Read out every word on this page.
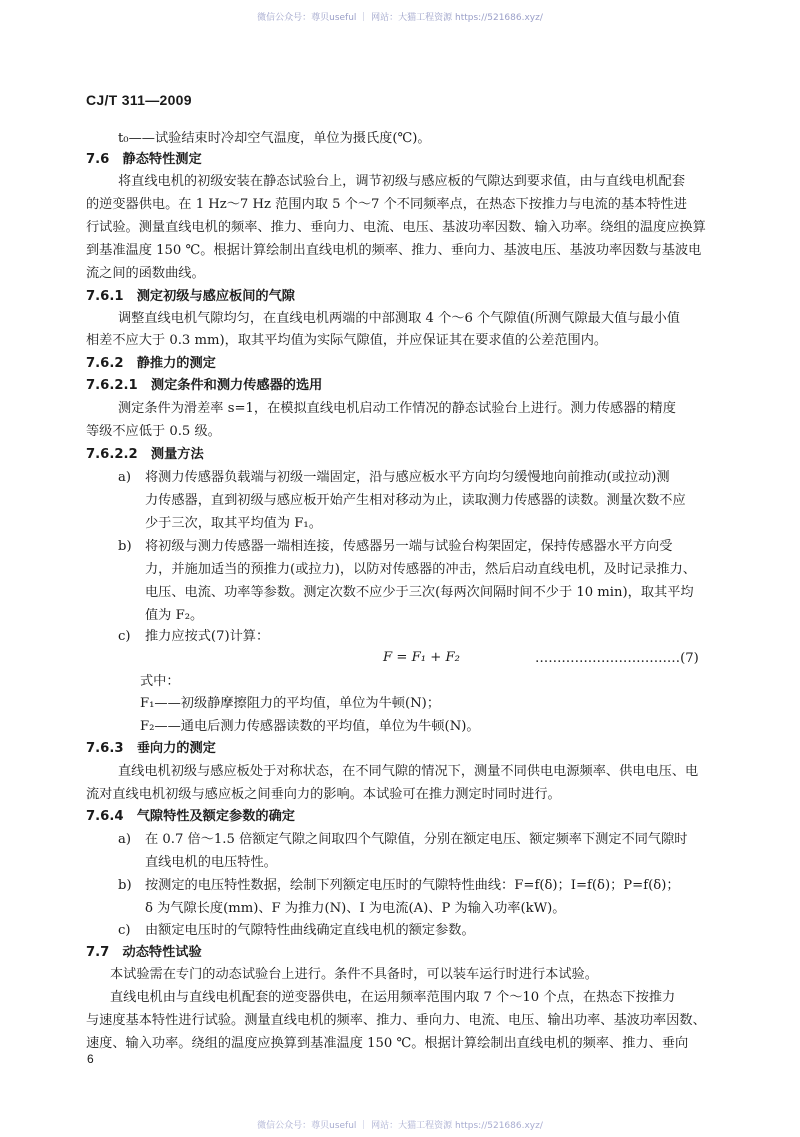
微信公众号：尊贝useful ｜ 网站：大猫工程资源 https://521686.xyz/
CJ/T 311—2009
t₀——试验结束时冷却空气温度，单位为摄氏度(℃)。
7.6　静态特性测定
将直线电机的初级安装在静态试验台上，调节初级与感应板的气隙达到要求值，由与直线电机配套
的逆变器供电。在 1 Hz～7 Hz 范围内取 5 个～7 个不同频率点，在热态下按推力与电流的基本特性进
行试验。测量直线电机的频率、推力、垂向力、电流、电压、基波功率因数、输入功率。绕组的温度应换算
到基准温度 150 ℃。根据计算绘制出直线电机的频率、推力、垂向力、基波电压、基波功率因数与基波电
流之间的函数曲线。
7.6.1　测定初级与感应板间的气隙
调整直线电机气隙均匀，在直线电机两端的中部测取 4 个～6 个气隙值(所测气隙最大值与最小值
相差不应大于 0.3 mm)，取其平均值为实际气隙值，并应保证其在要求值的公差范围内。
7.6.2　静推力的测定
7.6.2.1　测定条件和测力传感器的选用
测定条件为滑差率 s=1，在模拟直线电机启动工作情况的静态试验台上进行。测力传感器的精度
等级不应低于 0.5 级。
7.6.2.2　测量方法
a) 将测力传感器负载端与初级一端固定，沿与感应板水平方向均匀缓慢地向前推动(或拉动)测
力传感器，直到初级与感应板开始产生相对移动为止，读取测力传感器的读数。测量次数不应
少于三次，取其平均值为 F₁。
b) 将初级与测力传感器一端相连接，传感器另一端与试验台构架固定，保持传感器水平方向受
力，并施加适当的预推力(或拉力)，以防对传感器的冲击，然后启动直线电机，及时记录推力、
电压、电流、功率等参数。测定次数不应少于三次(每两次间隔时间不少于 10 min)，取其平均
值为 F₂。
c) 推力应按式(7)计算：
F = F₁ + F₂	……………………………(7)
式中：
F₁——初级静摩擦阻力的平均值，单位为牛顿(N)；
F₂——通电后测力传感器读数的平均值，单位为牛顿(N)。
7.6.3　垂向力的测定
直线电机初级与感应板处于对称状态，在不同气隙的情况下，测量不同供电电源频率、供电电压、电
流对直线电机初级与感应板之间垂向力的影响。本试验可在推力测定时同时进行。
7.6.4　气隙特性及额定参数的确定
a) 在 0.7 倍～1.5 倍额定气隙之间取四个气隙值，分别在额定电压、额定频率下测定不同气隙时
直线电机的电压特性。
b) 按测定的电压特性数据，绘制下列额定电压时的气隙特性曲线：F=f(δ)；I=f(δ)；P=f(δ)；
δ 为气隙长度(mm)、F 为推力(N)、I 为电流(A)、P 为输入功率(kW)。
c) 由额定电压时的气隙特性曲线确定直线电机的额定参数。
7.7　动态特性试验
本试验需在专门的动态试验台上进行。条件不具备时，可以装车运行时进行本试验。
直线电机由与直线电机配套的逆变器供电，在运用频率范围内取 7 个～10 个点，在热态下按推力
与速度基本特性进行试验。测量直线电机的频率、推力、垂向力、电流、电压、输出功率、基波功率因数、
速度、输入功率。绕组的温度应换算到基准温度 150 ℃。根据计算绘制出直线电机的频率、推力、垂向
6
微信公众号：尊贝useful ｜ 网站：大猫工程资源 https://521686.xyz/
